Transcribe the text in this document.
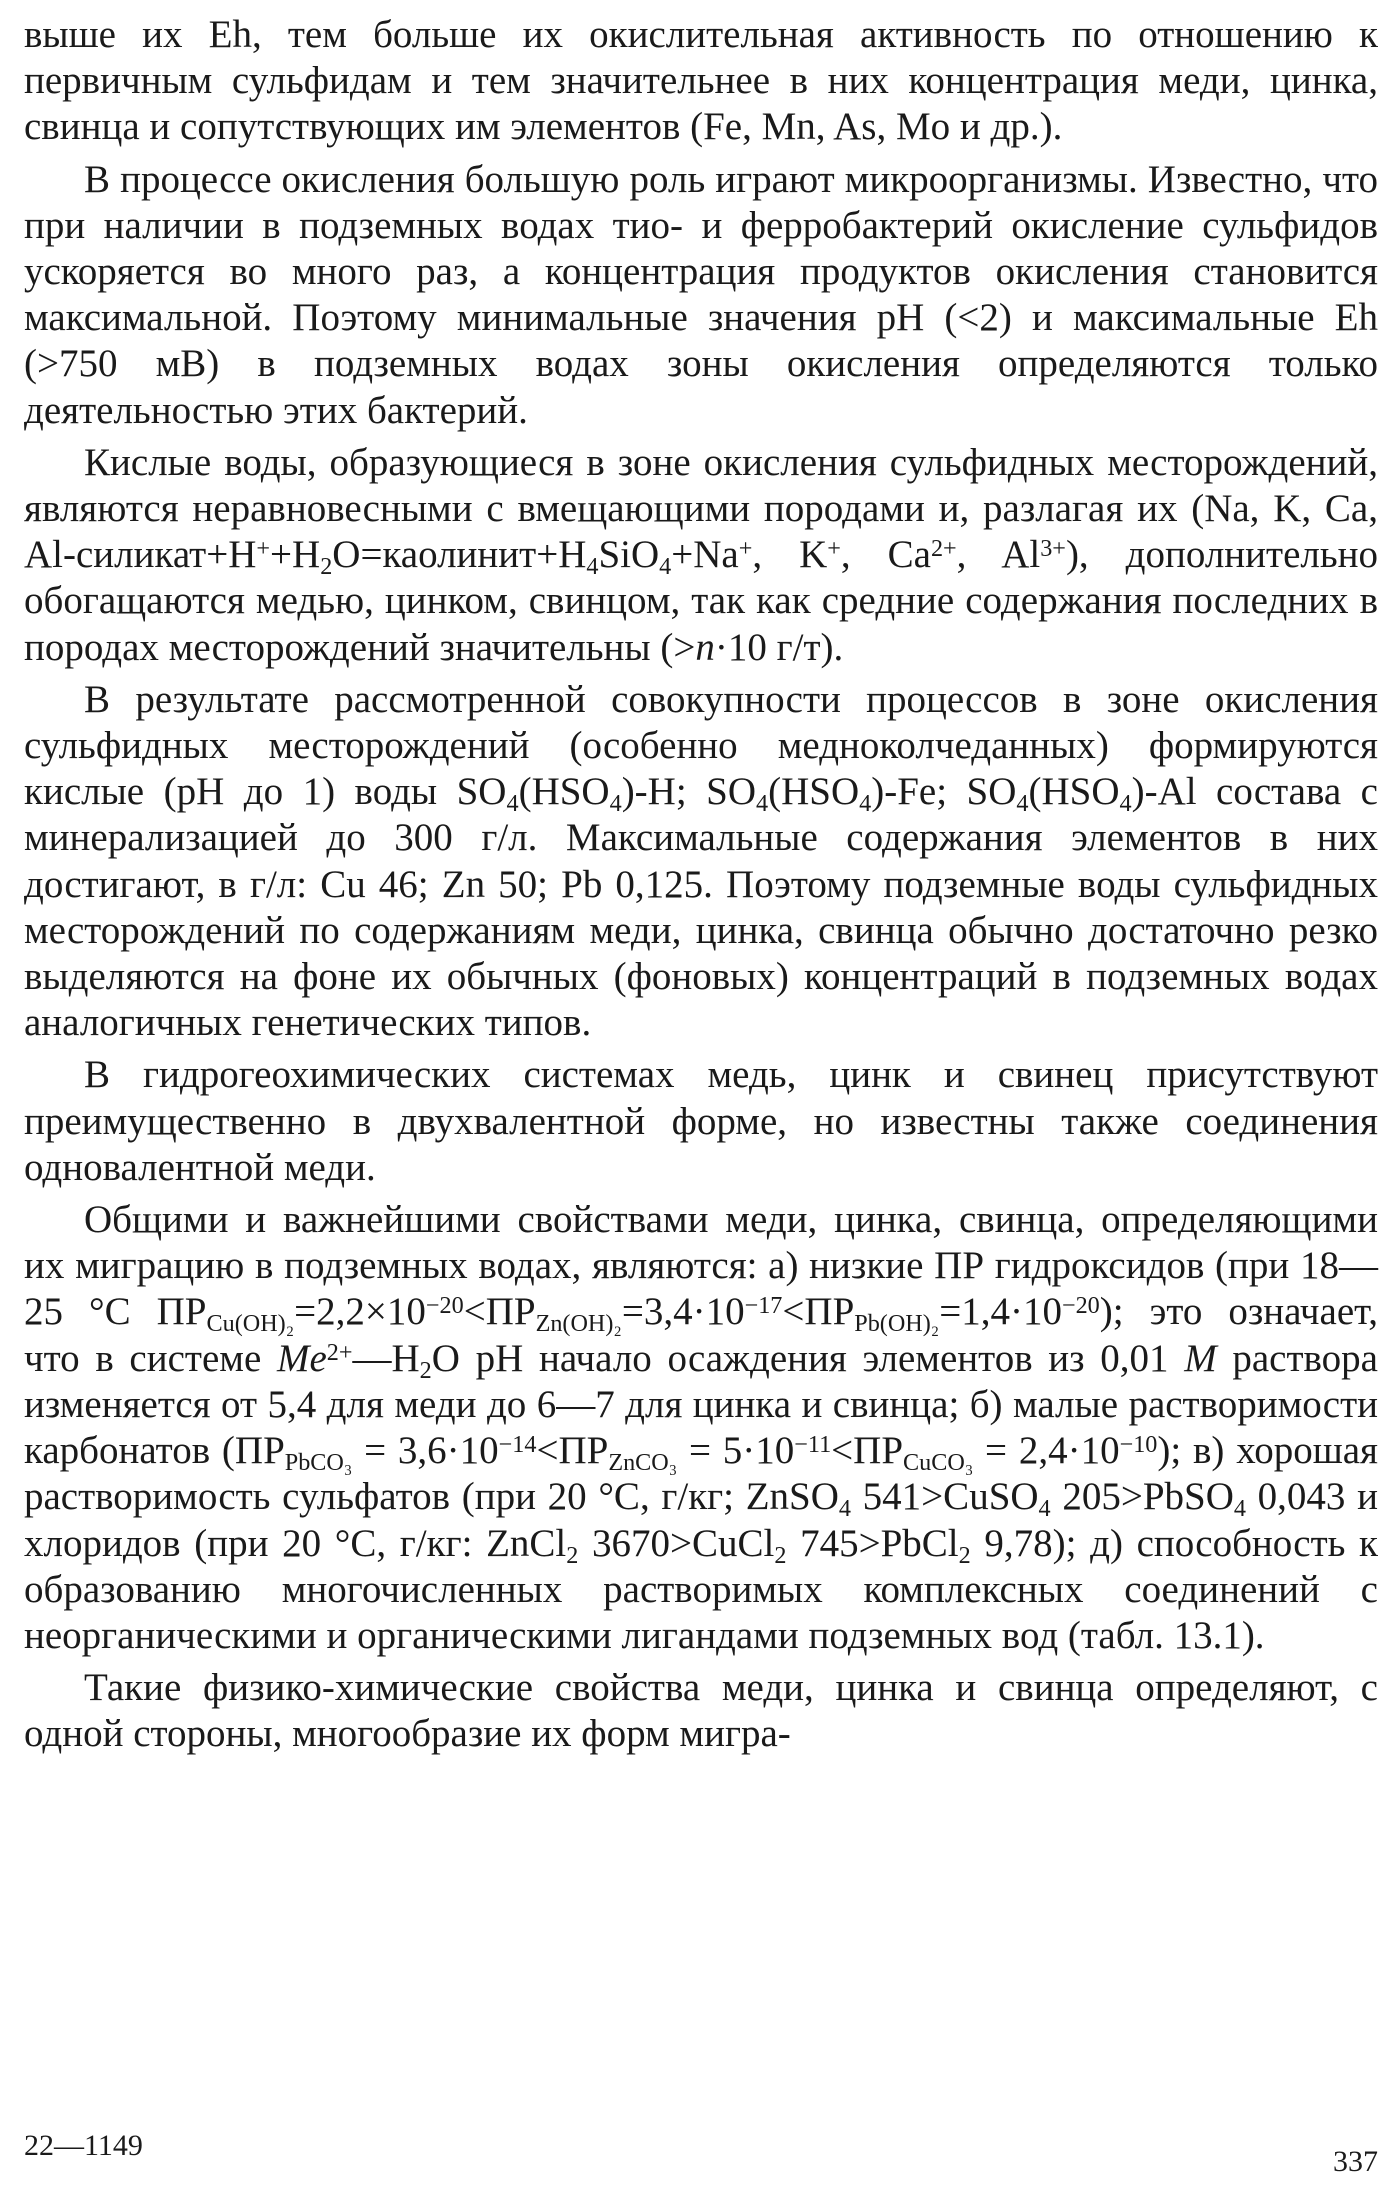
выше их Eh, тем больше их окислительная активность по отношению к первичным сульфидам и тем значительнее в них концентрация меди, цинка, свинца и сопутствующих им элементов (Fe, Mn, As, Mo и др.).

В процессе окисления большую роль играют микроорганизмы. Известно, что при наличии в подземных водах тио- и ферробактерий окисление сульфидов ускоряется во много раз, а концентрация продуктов окисления становится максимальной. Поэтому минимальные значения pH (<2) и максимальные Eh (>750 мВ) в подземных водах зоны окисления определяются только деятельностью этих бактерий.

Кислые воды, образующиеся в зоне окисления сульфидных месторождений, являются неравновесными с вмещающими породами и, разлагая их (Na, K, Ca, $Al-силикат+H^++H_2O=каолинит+H_4SiO_4+Na^+$, K+, $Ca^{2+}$, $Al^{3+}$), дополнительно обогащаются медью, цинком, свинцом, так как средние содержания последних в породах месторождений значительны (>n·10 г/т).

В результате рассмотренной совокупности процессов в зоне окисления сульфидных месторождений (особенно медноколчеданных) формируются кислые (pH до 1) воды $SO_4(HSO_4)-H$; $SO_4(HSO_4)-Fe$; $SO_4(HSO_4)-Al$ состава с минерализацией до 300 г/л. Максимальные содержания элементов в них достигают, в г/л: Cu 46; Zn 50; Pb 0,125. Поэтому подземные воды сульфидных месторождений по содержаниям меди, цинка, свинца обычно достаточно резко выделяются на фоне их обычных (фоновых) концентраций в подземных водах аналогичных генетических типов.

В гидрогеохимических системах медь, цинк и свинец присутствуют преимущественно в двухвалентной форме, но известны также соединения одновалентной меди.

Общими и важнейшими свойствами меди, цинка, свинца, определяющими их миграцию в подземных водах, являются: а) низкие ПР гидроксидов (при 18—25 °C $ПР_{Cu(OH)_2}=2,2\times 10^{-20}<ПР_{Zn(OH)_2}=3,4\cdot 10^{-17}<ПР_{Pb(OH)_2}=1,4\cdot 10^{-20}$); это означает, что в системе $Me^{2+}—H_2O$ pH начало осаждения элементов из 0,01 M раствора изменяется от 5,4 для меди до 6—7 для цинка и свинца; б) малые растворимости карбонатов $(ПР_{PbCO_3} = 3,6\cdot 10^{-14}<ПР_{ZnCO_3} = 5\cdot 10^{-11}<ПР_{CuCO_3} = 2,4\cdot 10^{-10})$; в) хорошая растворимость сульфатов (при 20 °C, г/кг; ZnSO$_4$ 541>CuSO$_4$ 205>PbSO$_4$ 0,043 и хлоридов (при 20 °C, г/кг: ZnCl$_2$ 3670>CuCl$_2$ 745>PbCl$_2$ 9,78); д) способность к образованию многочисленных растворимых комплексных соединений с неорганическими и органическими лигандами подземных вод (табл. 13.1).

Такие физико-химические свойства меди, цинка и свинца определяют, с одной стороны, многообразие их форм мигра-

22—1149	337
